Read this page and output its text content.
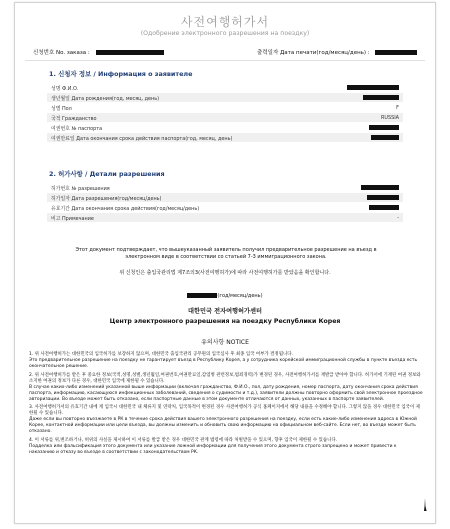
사전여행허가서
(Одобрение электронного разрешения на поездку)
신청번호 No. заказа :	출력일자 Дата печати(год/месяц/день) :
1. 신청자 정보 / Информация о заявителе
성명 Ф.И.О.
생년월일 Дата рождения(год, месяц, день)
성별 Пол	F
국적 Гражданство	RUSSIA
여권번호 № паспорта
여권만료일 Дата окончания срока действия паспорта(год, месяц, день)
2. 허가사항 / Детали разрешения
허가번호 № разрешения
허가일자 Дата разрешения(год/месяц/день)
유효기간 Дата окончания срока действия(год/месяц/день)
비고 Примечание	-
Этот документ подтверждает, что вышеуказанный заявитель получил предварительное разрешение на въезд в
электронном виде в соответствии со статьей 7-3 иммиграционного закона.
위 신청인은 출입국관리법 제7조의3(사전여행허가)에 따라 사전여행허가를 받았음을 확인합니다.
(год/месяц/день)
대한민국 전자여행허가센터
Центр электронного разрешения на поездку Республики Корея
유의사항 NOTICE

1. 위 사전여행허가는 대한민국의 입국허가를 보장하지 않으며, 대한민국 출입국관리 공무원의 입국심사 후 최종 입국 여부가 결정됩니다.
Это предварительное разрешение на поездку не гарантирует въезд в Республику Корея, а у сотрудника корейской иммиграционной службы в пункте въезда есть окончательное решение.

2. 위 사전여행허가를 받은 후 중요한 정보(국적,성명,성별,생년월일,여권번호,여권만료일,감염병 관련정보,범죄경력)가 변경된 경우, 사전여행허가서를 재발급 받아야 합니다. 허가서에 기재된 여권 정보와 소지한 여권의 정보가 다른 경우, 대한민국 입국에 제한될 수 있습니다.
В случае каких-либо изменений указанной выше информации (включая гражданство, Ф.И.О., пол, дату рождения, номер паспорта, дату окончания срока действия паспорта, информацию, касающуюся инфекционных заболеваний, сведения о судимости и т.д.), заявители должны повторно оформить свой электронное проездное авторизации. Во въезде может быть отказано, если паспортные данные в этом документе отличаются от данных, указанных в паспорте заявителей.

3. 사전여행허가서의 유효기간 내에 재 입국시 대한민국 내 체류지 및 연락처, 입국목적이 변경된 경우 사전여행허가 공식 홈페이지에서 해당 내용을 수정해야 합니다. 그렇지 않을 경우 대한민국 입국이 제한될 수 있습니다.
Даже если вы повторно въезжаете в РК в течение срока действия вашего электронного разрешения на поездку, если есть какие-либо изменения адреса в Южной Корее, контактной информации или цели въезда, вы должны изменить и обновить свою информацию на официальном веб-сайте. Если нет, во въезде может быть отказано.

4. 이 서류를 위,변조하거나, 허위의 사실을 제시하여 이 서류를 발급 받은 경우 대한민국 관계 법령에 따라 처벌받을 수 있으며, 향후 입국이 제한될 수 있습니다.
Подделка или фальсификация этого документа или указание ложной информации для получения этого документа строго запрещено и может привести к наказанию и отказу во въезде в соответствии с законодательством РК.
